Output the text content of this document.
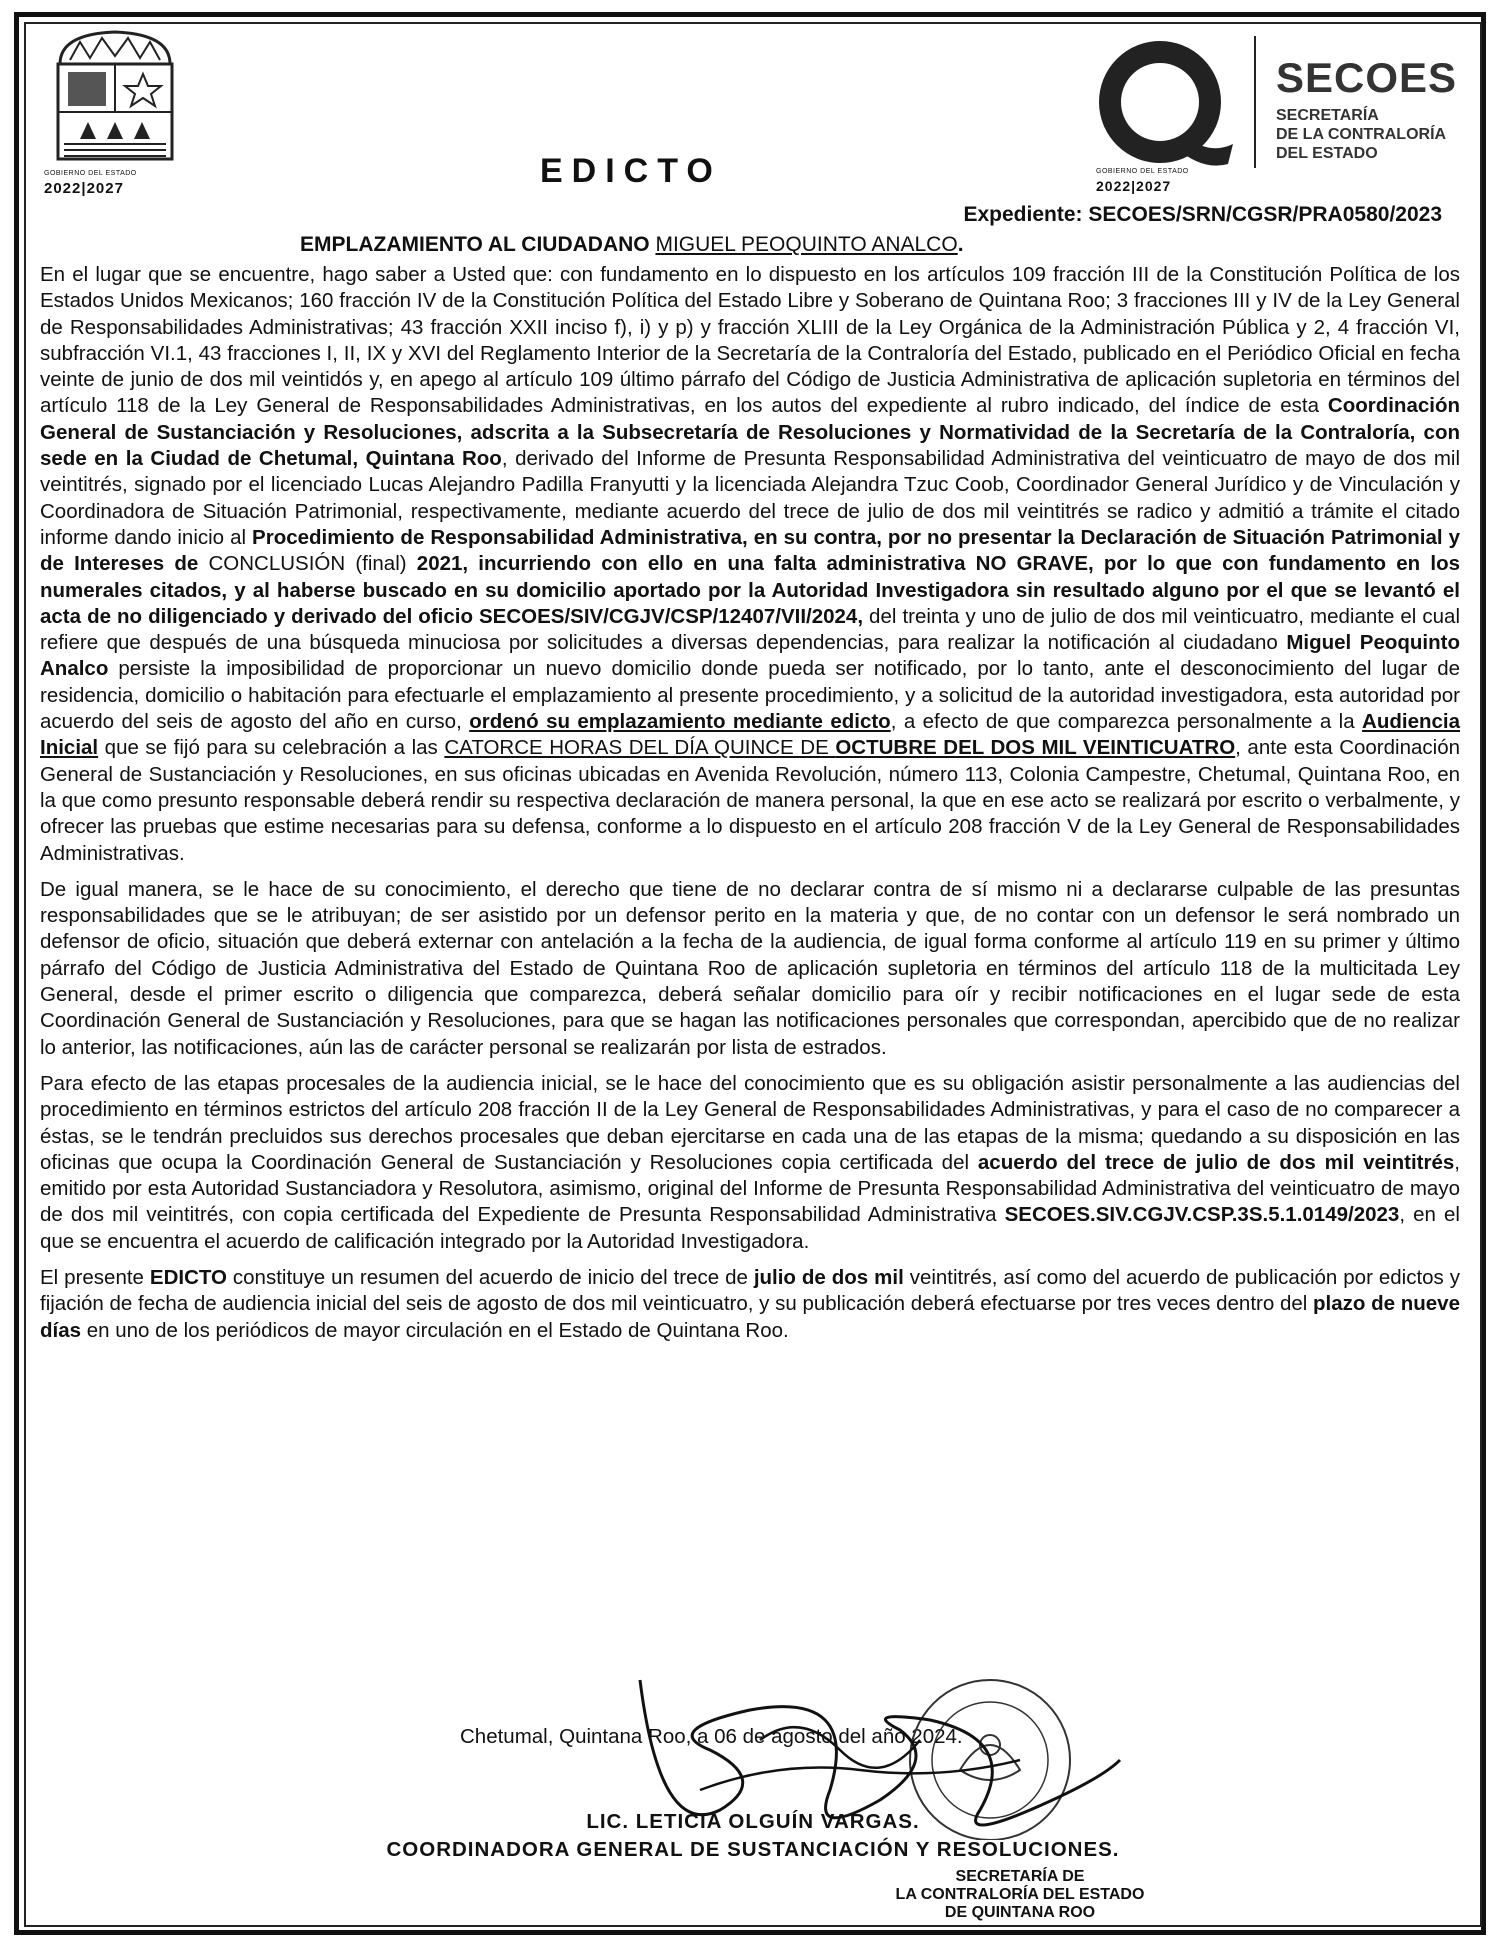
GOBIERNO DEL ESTADO
2022|2027	EDICTO	GOBIERNO DEL ESTADO
2022|2027
SECOES
SECRETARÍA
DE LA CONTRALORÍA
DEL ESTADO
Expediente: SECOES/SRN/CGSR/PRA0580/2023
EMPLAZAMIENTO AL CIUDADANO MIGUEL PEOQUINTO ANALCO.

En el lugar que se encuentre, hago saber a Usted que: con fundamento en lo dispuesto en los artículos 109 fracción III de la Constitución Política de los Estados Unidos Mexicanos; 160 fracción IV de la Constitución Política del Estado Libre y Soberano de Quintana Roo; 3 fracciones III y IV de la Ley General de Responsabilidades Administrativas; 43 fracción XXII inciso f), i) y p) y fracción XLIII de la Ley Orgánica de la Administración Pública y 2, 4 fracción VI, subfracción VI.1, 43 fracciones I, II, IX y XVI del Reglamento Interior de la Secretaría de la Contraloría del Estado, publicado en el Periódico Oficial en fecha veinte de junio de dos mil veintidós y, en apego al artículo 109 último párrafo del Código de Justicia Administrativa de aplicación supletoria en términos del artículo 118 de la Ley General de Responsabilidades Administrativas, en los autos del expediente al rubro indicado, del índice de esta Coordinación General de Sustanciación y Resoluciones, adscrita a la Subsecretaría de Resoluciones y Normatividad de la Secretaría de la Contraloría, con sede en la Ciudad de Chetumal, Quintana Roo, derivado del Informe de Presunta Responsabilidad Administrativa del veinticuatro de mayo de dos mil veintitrés, signado por el licenciado Lucas Alejandro Padilla Franyutti y la licenciada Alejandra Tzuc Coob, Coordinador General Jurídico y de Vinculación y Coordinadora de Situación Patrimonial, respectivamente, mediante acuerdo del trece de julio de dos mil veintitrés se radico y admitió a trámite el citado informe dando inicio al Procedimiento de Responsabilidad Administrativa, en su contra, por no presentar la Declaración de Situación Patrimonial y de Intereses de CONCLUSIÓN (final) 2021, incurriendo con ello en una falta administrativa NO GRAVE, por lo que con fundamento en los numerales citados, y al haberse buscado en su domicilio aportado por la Autoridad Investigadora sin resultado alguno por el que se levantó el acta de no diligenciado y derivado del oficio SECOES/SIV/CGJV/CSP/12407/VII/2024, del treinta y uno de julio de dos mil veinticuatro, mediante el cual refiere que después de una búsqueda minuciosa por solicitudes a diversas dependencias, para realizar la notificación al ciudadano Miguel Peoquinto Analco persiste la imposibilidad de proporcionar un nuevo domicilio donde pueda ser notificado, por lo tanto, ante el desconocimiento del lugar de residencia, domicilio o habitación para efectuarle el emplazamiento al presente procedimiento, y a solicitud de la autoridad investigadora, esta autoridad por acuerdo del seis de agosto del año en curso, ordenó su emplazamiento mediante edicto, a efecto de que comparezca personalmente a la Audiencia Inicial que se fijó para su celebración a las CATORCE HORAS DEL DÍA QUINCE DE OCTUBRE DEL DOS MIL VEINTICUATRO, ante esta Coordinación General de Sustanciación y Resoluciones, en sus oficinas ubicadas en Avenida Revolución, número 113, Colonia Campestre, Chetumal, Quintana Roo, en la que como presunto responsable deberá rendir su respectiva declaración de manera personal, la que en ese acto se realizará por escrito o verbalmente, y ofrecer las pruebas que estime necesarias para su defensa, conforme a lo dispuesto en el artículo 208 fracción V de la Ley General de Responsabilidades Administrativas.

De igual manera, se le hace de su conocimiento, el derecho que tiene de no declarar contra de sí mismo ni a declararse culpable de las presuntas responsabilidades que se le atribuyan; de ser asistido por un defensor perito en la materia y que, de no contar con un defensor le será nombrado un defensor de oficio, situación que deberá externar con antelación a la fecha de la audiencia, de igual forma conforme al artículo 119 en su primer y último párrafo del Código de Justicia Administrativa del Estado de Quintana Roo de aplicación supletoria en términos del artículo 118 de la multicitada Ley General, desde el primer escrito o diligencia que comparezca, deberá señalar domicilio para oír y recibir notificaciones en el lugar sede de esta Coordinación General de Sustanciación y Resoluciones, para que se hagan las notificaciones personales que correspondan, apercibido que de no realizar lo anterior, las notificaciones, aún las de carácter personal se realizarán por lista de estrados.

Para efecto de las etapas procesales de la audiencia inicial, se le hace del conocimiento que es su obligación asistir personalmente a las audiencias del procedimiento en términos estrictos del artículo 208 fracción II de la Ley General de Responsabilidades Administrativas, y para el caso de no comparecer a éstas, se le tendrán precluidos sus derechos procesales que deban ejercitarse en cada una de las etapas de la misma; quedando a su disposición en las oficinas que ocupa la Coordinación General de Sustanciación y Resoluciones copia certificada del acuerdo del trece de julio de dos mil veintitrés, emitido por esta Autoridad Sustanciadora y Resolutora, asimismo, original del Informe de Presunta Responsabilidad Administrativa del veinticuatro de mayo de dos mil veintitrés, con copia certificada del Expediente de Presunta Responsabilidad Administrativa SECOES.SIV.CGJV.CSP.3S.5.1.0149/2023, en el que se encuentra el acuerdo de calificación integrado por la Autoridad Investigadora.

El presente EDICTO constituye un resumen del acuerdo de inicio del trece de julio de dos mil veintitrés, así como del acuerdo de publicación por edictos y fijación de fecha de audiencia inicial del seis de agosto de dos mil veinticuatro, y su publicación deberá efectuarse por tres veces dentro del plazo de nueve días en uno de los periódicos de mayor circulación en el Estado de Quintana Roo.

Chetumal, Quintana Roo, a 06 de agosto del año 2024.
LIC. LETICIA OLGUÍN VARGAS.
COORDINADORA GENERAL DE SUSTANCIACIÓN Y RESOLUCIONES.
SECRETARÍA DE
LA CONTRALORÍA DEL ESTADO
DE QUINTANA ROO
